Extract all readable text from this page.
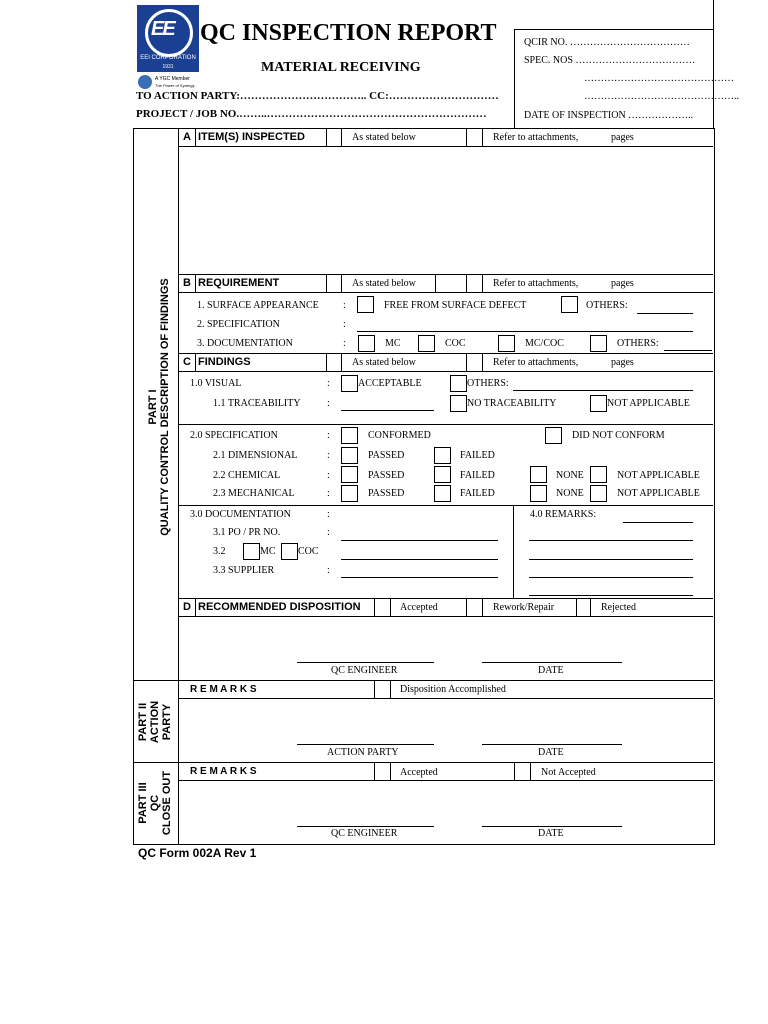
EE
EEI CORPORATION
1931
A YGC Member
The Power of Synergy
QC INSPECTION REPORT
MATERIAL RECEIVING
TO ACTION PARTY:…………………………….. CC:…………………………
PROJECT / JOB NO.……..……………………………………………………
QCIR NO. ………………………………
SPEC. NOS ………………………………
………………………………………
………………………………………..
DATE OF INSPECTION ………………..
PART I QUALITY CONTROL DESCRIPTION OF FINDINGS
PART II ACTION PARTY
PART III QC CLOSE OUT
A ITEM(S) INSPECTED	As stated below	Refer to attachments,	pages
B REQUIREMENT	As stated below	Refer to attachments,	pages
1. SURFACE APPEARANCE :	FREE FROM SURFACE DEFECT	OTHERS:
2. SPECIFICATION	:
3. DOCUMENTATION	:	MC	COC	MC/COC	OTHERS:
C FINDINGS	As stated below	Refer to attachments,	pages
1.0 VISUAL	:	ACCEPTABLE	OTHERS:
1.1 TRACEABILITY	:	NO TRACEABILITY	NOT APPLICABLE
2.0 SPECIFICATION	:	CONFORMED	DID NOT CONFORM
2.1 DIMENSIONAL	:	PASSED	FAILED
2.2 CHEMICAL	:	PASSED	FAILED	NONE	NOT APPLICABLE
2.3 MECHANICAL	:	PASSED	FAILED	NONE	NOT APPLICABLE
3.0 DOCUMENTATION	:
3.1 PO / PR NO.	:
3.2	MC COC
3.3 SUPPLIER	:
4.0 REMARKS:
D RECOMMENDED DISPOSITION	Accepted	Rework/Repair	Rejected
QC ENGINEER	DATE
R E M A R K S	Disposition Accomplished
ACTION PARTY	DATE
R E M A R K S	Accepted	Not Accepted
QC ENGINEER	DATE
QC Form 002A Rev 1
